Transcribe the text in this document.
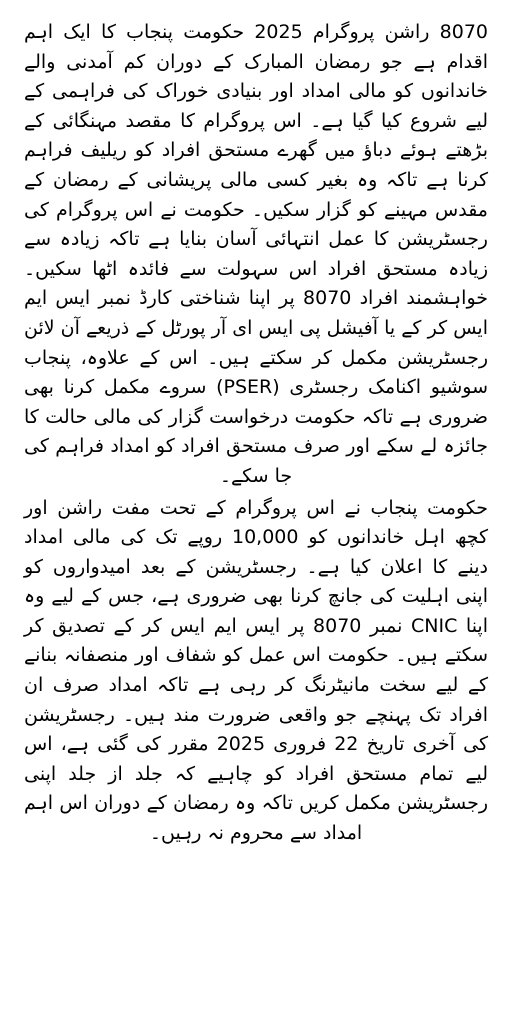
8070 راشن پروگرام 2025 حکومت پنجاب کا ایک اہم اقدام ہے جو رمضان المبارک کے دوران کم آمدنی والے خاندانوں کو مالی امداد اور بنیادی خوراک کی فراہمی کے لیے شروع کیا گیا ہے۔ اس پروگرام کا مقصد مہنگائی کے بڑھتے ہوئے دباؤ میں گھرے مستحق افراد کو ریلیف فراہم کرنا ہے تاکہ وہ بغیر کسی مالی پریشانی کے رمضان کے مقدس مہینے کو گزار سکیں۔ حکومت نے اس پروگرام کی رجسٹریشن کا عمل انتہائی آسان بنایا ہے تاکہ زیادہ سے زیادہ مستحق افراد اس سہولت سے فائدہ اٹھا سکیں۔ خواہشمند افراد 8070 پر اپنا شناختی کارڈ نمبر ایس ایم ایس کر کے یا آفیشل پی ایس ای آر پورٹل کے ذریعے آن لائن رجسٹریشن مکمل کر سکتے ہیں۔ اس کے علاوہ، پنجاب سوشیو اکنامک رجسٹری (PSER) سروے مکمل کرنا بھی ضروری ہے تاکہ حکومت درخواست گزار کی مالی حالت کا جائزہ لے سکے اور صرف مستحق افراد کو امداد فراہم کی جا سکے۔

حکومت پنجاب نے اس پروگرام کے تحت مفت راشن اور کچھ اہل خاندانوں کو 10,000 روپے تک کی مالی امداد دینے کا اعلان کیا ہے۔ رجسٹریشن کے بعد امیدواروں کو اپنی اہلیت کی جانچ کرنا بھی ضروری ہے، جس کے لیے وہ اپنا CNIC نمبر 8070 پر ایس ایم ایس کر کے تصدیق کر سکتے ہیں۔ حکومت اس عمل کو شفاف اور منصفانہ بنانے کے لیے سخت مانیٹرنگ کر رہی ہے تاکہ امداد صرف ان افراد تک پہنچے جو واقعی ضرورت مند ہیں۔ رجسٹریشن کی آخری تاریخ 22 فروری 2025 مقرر کی گئی ہے، اس لیے تمام مستحق افراد کو چاہیے کہ جلد از جلد اپنی رجسٹریشن مکمل کریں تاکہ وہ رمضان کے دوران اس اہم امداد سے محروم نہ رہیں۔
